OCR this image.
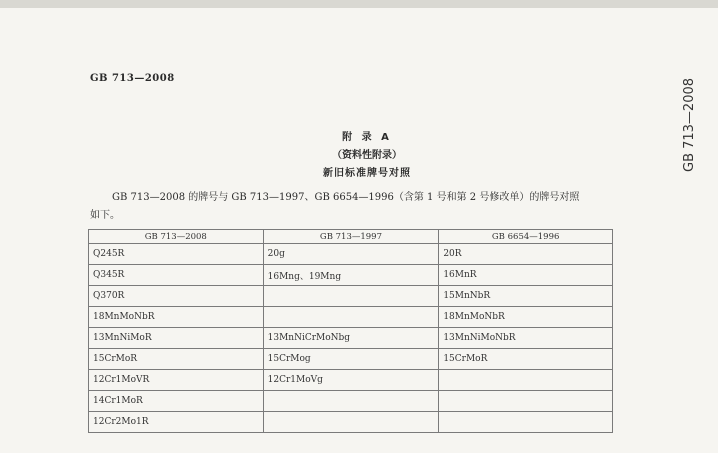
GB 713—2008	GB 713—2008
附 录 A
（资料性附录）
新旧标准牌号对照
GB 713—2008 的牌号与 GB 713—1997、GB 6654—1996（含第 1 号和第 2 号修改单）的牌号对照
如下。
GB 713—2008	GB 713—1997	GB 6654—1996
Q245R	20g	20R
Q345R	16Mng、19Mng	16MnR
Q370R		15MnNbR
18MnMoNbR		18MnMoNbR
13MnNiMoR	13MnNiCrMoNbg	13MnNiMoNbR
15CrMoR	15CrMog	15CrMoR
12Cr1MoVR	12Cr1MoVg	
14Cr1MoR		
12Cr2Mo1R		
